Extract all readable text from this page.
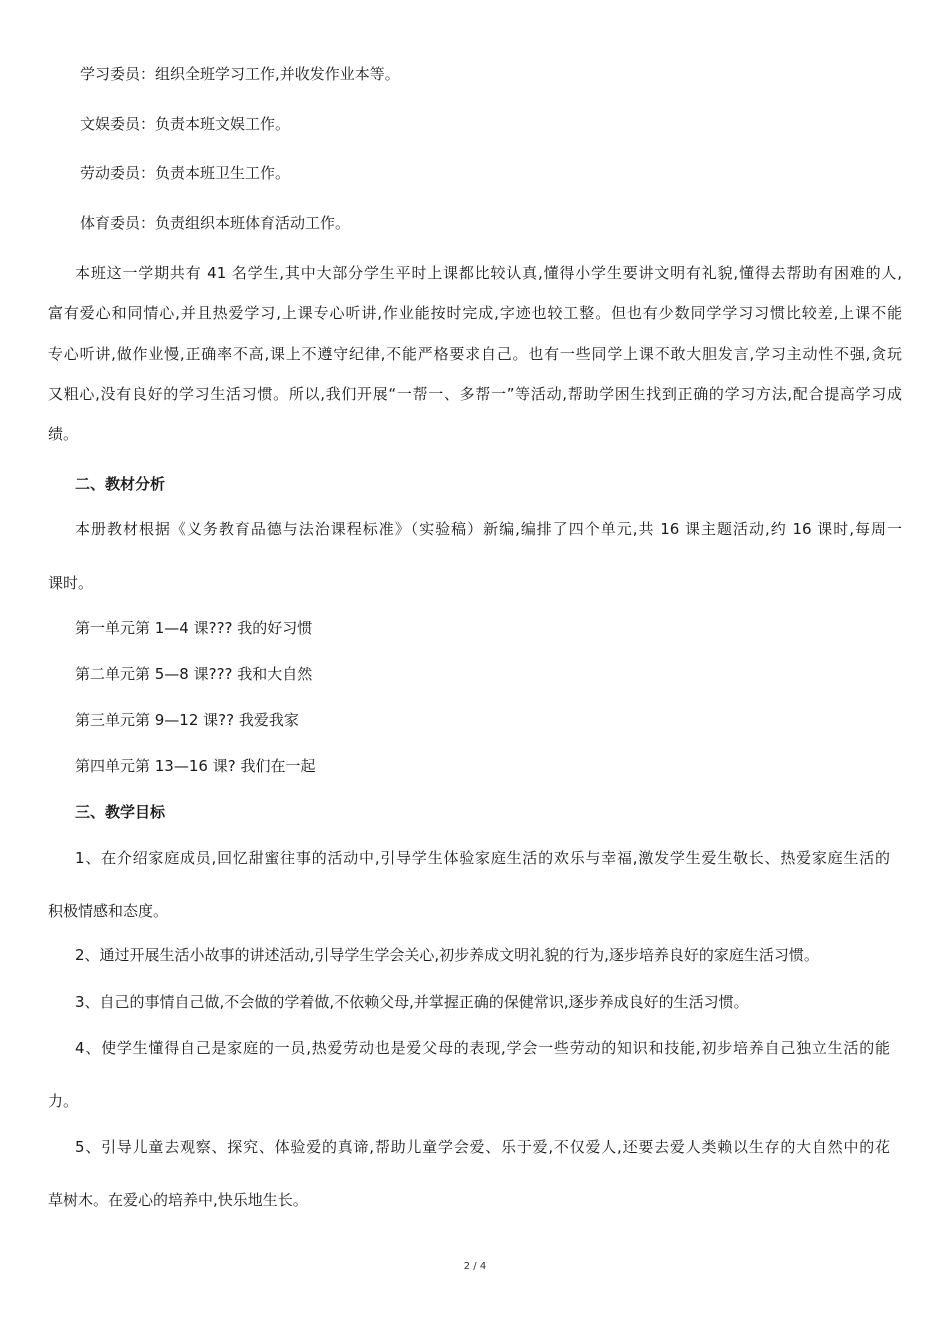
学习委员：组织全班学习工作,并收发作业本等。
文娱委员：负责本班文娱工作。
劳动委员：负责本班卫生工作。
体育委员：负责组织本班体育活动工作。
本班这一学期共有 41 名学生,其中大部分学生平时上课都比较认真,懂得小学生要讲文明有礼貌,懂得去帮助有困难的人,
富有爱心和同情心,并且热爱学习,上课专心听讲,作业能按时完成,字迹也较工整。但也有少数同学学习习惯比较差,上课不能
专心听讲,做作业慢,正确率不高,课上不遵守纪律,不能严格要求自己。也有一些同学上课不敢大胆发言,学习主动性不强,贪玩
又粗心,没有良好的学习生活习惯。所以,我们开展“一帮一、多帮一”等活动,帮助学困生找到正确的学习方法,配合提高学习成
绩。
二、教材分析
本册教材根据《义务教育品德与法治课程标准》（实验稿）新编,编排了四个单元,共 16 课主题活动,约 16 课时,每周一
课时。
第一单元第 1—4 课??? 我的好习惯
第二单元第 5—8 课??? 我和大自然
第三单元第 9—12 课?? 我爱我家
第四单元第 13—16 课? 我们在一起
三、教学目标
1、在介绍家庭成员,回忆甜蜜往事的活动中,引导学生体验家庭生活的欢乐与幸福,激发学生爱生敬长、热爱家庭生活的
积极情感和态度。
2、通过开展生活小故事的讲述活动,引导学生学会关心,初步养成文明礼貌的行为,逐步培养良好的家庭生活习惯。
3、自己的事情自己做,不会做的学着做,不依赖父母,并掌握正确的保健常识,逐步养成良好的生活习惯。
4、使学生懂得自己是家庭的一员,热爱劳动也是爱父母的表现,学会一些劳动的知识和技能,初步培养自己独立生活的能
力。
5、引导儿童去观察、探究、体验爱的真谛,帮助儿童学会爱、乐于爱,不仅爱人,还要去爱人类赖以生存的大自然中的花
草树木。在爱心的培养中,快乐地生长。
2 / 4
